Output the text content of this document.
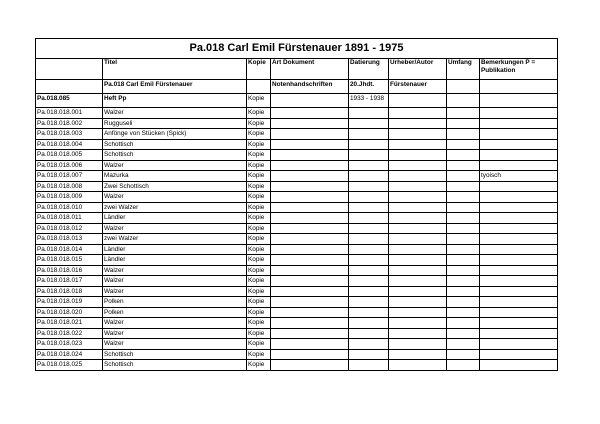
Pa.018 Carl Emil Fürstenauer 1891 - 1975							
	Titel	Kopie	Art Dokument	Datierung	Urheber/Autor	Umfang	Bemerkungen P = Publikation
	Pa.018 Carl Emil Fürstenauer		Notenhandschriften	20.Jhdt.	Fürstenauer		
Pa.018.085	Heft Pp	Kopie		1933 - 1938			
Pa.018.018.001	Walzer	Kopie					
Pa.018.018.002	Rugguseli	Kopie					
Pa.018.018.003	Anfönge von Stücken (Spick)	Kopie					
Pa.018.018.004	Schottisch	Kopie					
Pa.018.018.005	Schottisch	Kopie					
Pa.018.018.006	Walzer	Kopie					
Pa.018.018.007	Mazurka	Kopie					tyoisch
Pa.018.018.008	Zwei Schottisch	Kopie					
Pa.018.018.009	Walzer	Kopie					
Pa.018.018.010	zwei Walzer	Kopie					
Pa.018.018.011	Ländler	Kopie					
Pa.018.018.012	Walzer	Kopie					
Pa.018.018.013	zwei Walzer	Kopie					
Pa.018.018.014	Ländler	Kopie					
Pa.018.018.015	Ländler	Kopie					
Pa.018.018.016	Walzer	Kopie					
Pa.018.018.017	Walzer	Kopie					
Pa.018.018.018	Walzer	Kopie					
Pa.018.018.019	Polken	Kopie					
Pa.018.018.020	Polken	Kopie					
Pa.018.018.021	Walzer	Kopie					
Pa.018.018.022	Walzer	Kopie					
Pa.018.018.023	Walzer	Kopie					
Pa.018.018.024	Schottisch	Kopie					
Pa.018.018.025	Schottisch	Kopie					
